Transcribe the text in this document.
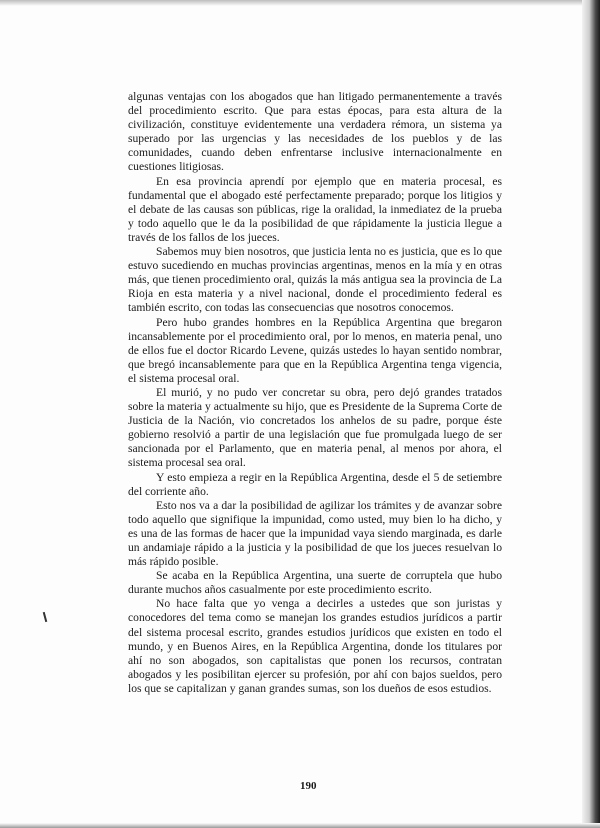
algunas ventajas con los abogados que han litigado permanentemente a través del procedimiento escrito. Que para estas épocas, para esta altura de la civilización, constituye evidentemente una verdadera rémora, un sistema ya superado por las urgencias y las necesidades de los pueblos y de las comunidades, cuando deben enfrentarse inclusive internacionalmente en cuestiones litigiosas.

En esa provincia aprendí por ejemplo que en materia procesal, es fundamental que el abogado esté perfectamente preparado; porque los litigios y el debate de las causas son públicas, rige la oralidad, la inmediatez de la prueba y todo aquello que le da la posibilidad de que rápidamente la justicia llegue a través de los fallos de los jueces.

Sabemos muy bien nosotros, que justicia lenta no es justicia, que es lo que estuvo sucediendo en muchas provincias argentinas, menos en la mía y en otras más, que tienen procedimiento oral, quizás la más antigua sea la provincia de La Rioja en esta materia y a nivel nacional, donde el procedimiento federal es también escrito, con todas las consecuencias que nosotros conocemos.

Pero hubo grandes hombres en la República Argentina que bregaron incansablemente por el procedimiento oral, por lo menos, en materia penal, uno de ellos fue el doctor Ricardo Levene, quizás ustedes lo hayan sentido nombrar, que bregó incansablemente para que en la República Argentina tenga vigencia, el sistema procesal oral.

El murió, y no pudo ver concretar su obra, pero dejó grandes tratados sobre la materia y actualmente su hijo, que es Presidente de la Suprema Corte de Justicia de la Nación, vio concretados los anhelos de su padre, porque éste gobierno resolvió a partir de una legislación que fue promulgada luego de ser sancionada por el Parlamento, que en materia penal, al menos por ahora, el sistema procesal sea oral.

Y esto empieza a regir en la República Argentina, desde el 5 de setiembre del corriente año.

Esto nos va a dar la posibilidad de agilizar los trámites y de avanzar sobre todo aquello que signifique la impunidad, como usted, muy bien lo ha dicho, y es una de las formas de hacer que la impunidad vaya siendo marginada, es darle un andamiaje rápido a la justicia y la posibilidad de que los jueces resuelvan lo más rápido posible.

Se acaba en la República Argentina, una suerte de corruptela que hubo durante muchos años casualmente por este procedimiento escrito.

No hace falta que yo venga a decirles a ustedes que son juristas y conocedores del tema como se manejan los grandes estudios jurídicos a partir del sistema procesal escrito, grandes estudios jurídicos que existen en todo el mundo, y en Buenos Aires, en la República Argentina, donde los titulares por ahí no son abogados, son capitalistas que ponen los recursos, contratan abogados y les posibilitan ejercer su profesión, por ahí con bajos sueldos, pero los que se capitalizan y ganan grandes sumas, son los dueños de esos estudios.

190
